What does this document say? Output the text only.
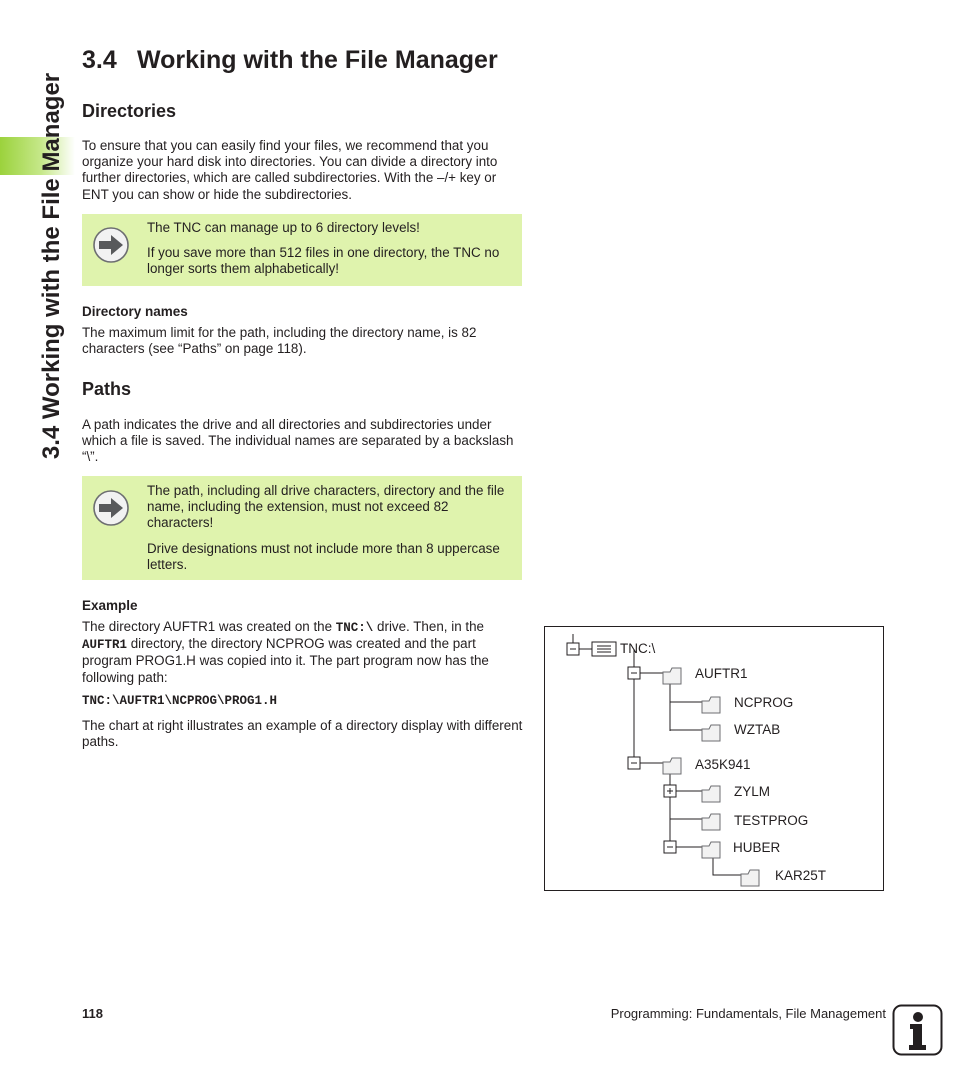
3.4 Working with the File Manager
3.4 Working with the File Manager
Directories

To ensure that you can easily find your files, we recommend that you organize your hard disk into directories. You can divide a directory into further directories, which are called subdirectories. With the –/+ key or ENT you can show or hide the subdirectories.

The TNC can manage up to 6 directory levels!

If you save more than 512 files in one directory, the TNC no longer sorts them alphabetically!

Directory names

The maximum limit for the path, including the directory name, is 82 characters (see “Paths” on page 118).

Paths

A path indicates the drive and all directories and subdirectories under which a file is saved. The individual names are separated by a backslash “\”.

The path, including all drive characters, directory and the file name, including the extension, must not exceed 82 characters!

Drive designations must not include more than 8 uppercase letters.

Example

The directory AUFTR1 was created on the TNC:\ drive. Then, in the AUFTR1 directory, the directory NCPROG was created and the part program PROG1.H was copied into it. The part program now has the following path:

TNC:\AUFTR1\NCPROG\PROG1.H

The chart at right illustrates an example of a directory display with different paths.

TNC:\
AUFTR1
NCPROG
WZTAB
A35K941
ZYLM
TESTPROG
HUBER
KAR25T
118	Programming: Fundamentals, File Management
